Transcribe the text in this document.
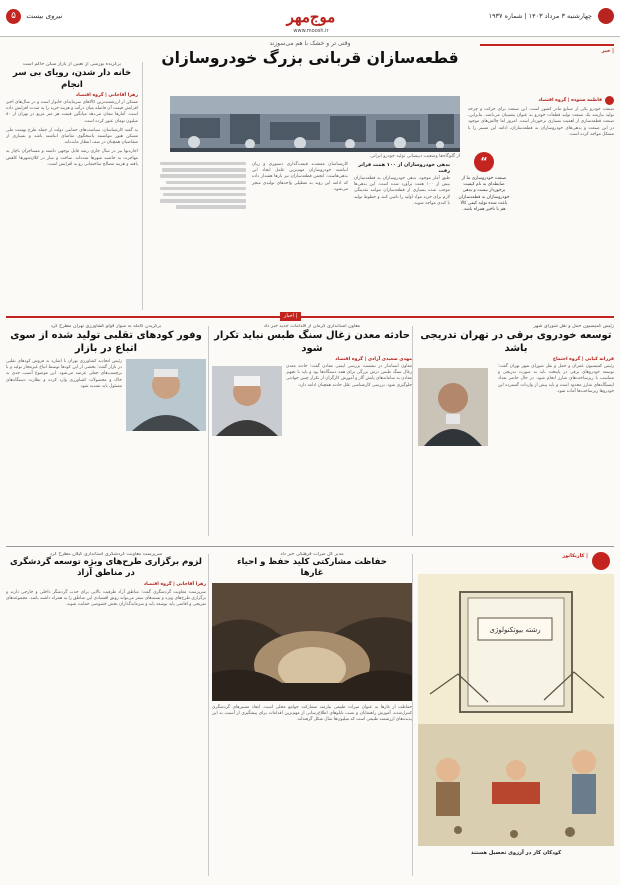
چهارشنبه ۳ مرداد ۱۴۰۳ | شماره ۱۹۳۷
موج‌مهر
www.moosh.ir
نیروی بیست
۵
| خبر
وقتی تر و خشک با هم می‌سوزند
قطعه‌سازان قربانی بزرگ خودروسازان
فاطمه ستوده | گروه اقتصاد
صنعت خودرو یکی از صنایع مادر کشور است. این صنعت برای حرکت و چرخه تولید نیازمند یک صنعت تولید قطعات خودرو به عنوان پشتیبان می‌باشد. بنابراین، صنعت قطعه‌سازی از اهمیت بسیاری برخوردار است. امروز اما چالش‌های موجود در این صنعت و بدهی‌های خودروسازان به قطعه‌سازان، ادامه این مسیر را با مشکل مواجه کرده است.
“
صنعت خودروسازی ما از ضابطه‌ای به نام کیفیت برخوردار نیست و بدهی خودروسازان به قطعه‌سازان باعث شده تولید کیفی کالا هم با تاخیر همراه باشد.
از گلوگاه‌ها وضعیت دیپسانی تولید خودرو ایرانی
بدهی خودروسازان از ۱۰۰ همت فراتر رفت
طبق آمار موجود، بدهی خودروسازان به قطعه‌سازان بیش از ۱۰۰ همت برآورد شده است. این بدهی‌ها موجب شده بسیاری از قطعه‌سازان نتوانند نقدینگی لازم برای خرید مواد اولیه را تامین کنند و خطوط تولید با کندی مواجه شوند.
کارشناسان معتقدند قیمت‌گذاری دستوری و زیان انباشته خودروسازان مهم‌ترین عامل ایجاد این بدهی‌هاست. انجمن قطعه‌سازان نیز بارها هشدار داده که ادامه این روند به تعطیلی واحدهای تولیدی منجر می‌شود.
برگزیده بورسی از تعیین از بازار سکن حاکم است
خانه دار شدن، رویای بی سر انجام
زهرا آقاجانی | گروه اقتصاد
مسکن از ارزشمندترین کالاهای سرمایه‌ای خانوار است و در سال‌های اخیر افزایش قیمت آن فاصله میان درآمد و هزینه خرید را به شدت افزایش داده است. آمارها نشان می‌دهد میانگین قیمت هر متر مربع در تهران از ۸۰ میلیون تومان عبور کرده است.
به گفته کارشناسان، سیاست‌های حمایتی دولت از جمله طرح نهضت ملی مسکن هنوز نتوانسته پاسخگوی تقاضای انباشته باشد و بسیاری از متقاضیان همچنان در صف انتظار مانده‌اند.
اجاره‌بها نیز در سال جاری رشد قابل توجهی داشته و مستاجران ناچار به مهاجرت به حاشیه شهرها شده‌اند. ساخت و ساز در کلان‌شهرها کاهش یافته و هزینه مصالح ساختمانی رو به افزایش است.
| اخبار
رئیس کمیسیون حمل و نقل شورای شهر
توسعه خودروی برقی در تهران تدریجی باشد
فرزانه کیانی | گروه اجتماع
رئیس کمیسیون عمران و حمل و نقل شورای شهر تهران گفت: توسعه خودروهای برقی در پایتخت باید به صورت تدریجی و متناسب با زیرساخت‌های شارژ انجام شود. در حال حاضر تعداد ایستگاه‌های شارژ محدود است و باید پیش از واردات گسترده این خودروها زیرساخت‌ها آماده شود.
معاون استانداری کرمان از اقدامات جدید خبر داد
حادثه معدن زغال سنگ طبس نباید تکرار شود
مهدی سعیدی آزادی | گروه اقتصاد
معاون استاندار در نشست بررسی ایمنی معادن گفت: حادثه معدن زغال سنگ طبس درس بزرگی برای همه دستگاه‌ها بود و باید با تجهیز معادن به سامانه‌های پایش گاز و آموزش کارگران از تکرار چنین حوادثی جلوگیری شود. بررسی کارشناسی علل حادثه همچنان ادامه دارد.
برگزیدن کامله به سوار قولو کشاورزی تهران مطرح کرد
وفور کودهای تقلبی تولید شده از سوی اتباع در بازار
رئیس اتحادیه کشاورزی تهران با اشاره به فروش کودهای تقلبی در بازار گفت: بخشی از این کودها توسط اتباع غیرمجاز تولید و با برچسب‌های جعلی عرضه می‌شود. این موضوع آسیب جدی به خاک و محصولات کشاورزی وارد کرده و نظارت دستگاه‌های مسئول باید تشدید شود.
| کاریکاتور
رشته بیوتکنولوژی
کودکان کار در آرزوی تحصیل هستند
مدیر کل میراث فرهنگی خبر داد
حفاظت مشارکتی کلید حفظ و احیاء غارها
حفاظت از غارها به عنوان میراث طبیعی نیازمند مشارکت جوامع محلی است. ایجاد مسیرهای گردشگری کنترل‌شده، آموزش راهنمایان و نصب تابلوهای اطلاع‌رسانی از مهم‌ترین اقدامات برای پیشگیری از آسیب به این پدیده‌های ارزشمند طبیعی است که میلیون‌ها سال شکل گرفته‌اند.
سرپرست معاونت گردشگری استانداری گیلان مطرح کرد
لزوم برگزاری طرح‌های ویژه توسعه گردشگری در مناطق آزاد
زهرا آقاجانی | گروه اقتصاد
سرپرست معاونت گردشگری گفت: مناطق آزاد ظرفیت بالایی برای جذب گردشگر داخلی و خارجی دارند و برگزاری طرح‌های ویژه و بسته‌های سفر می‌تواند رونق اقتصادی این مناطق را به همراه داشته باشد. مجموعه‌های تفریحی و اقامتی باید توسعه یابد و سرمایه‌گذاران بخش خصوصی حمایت شوند.
